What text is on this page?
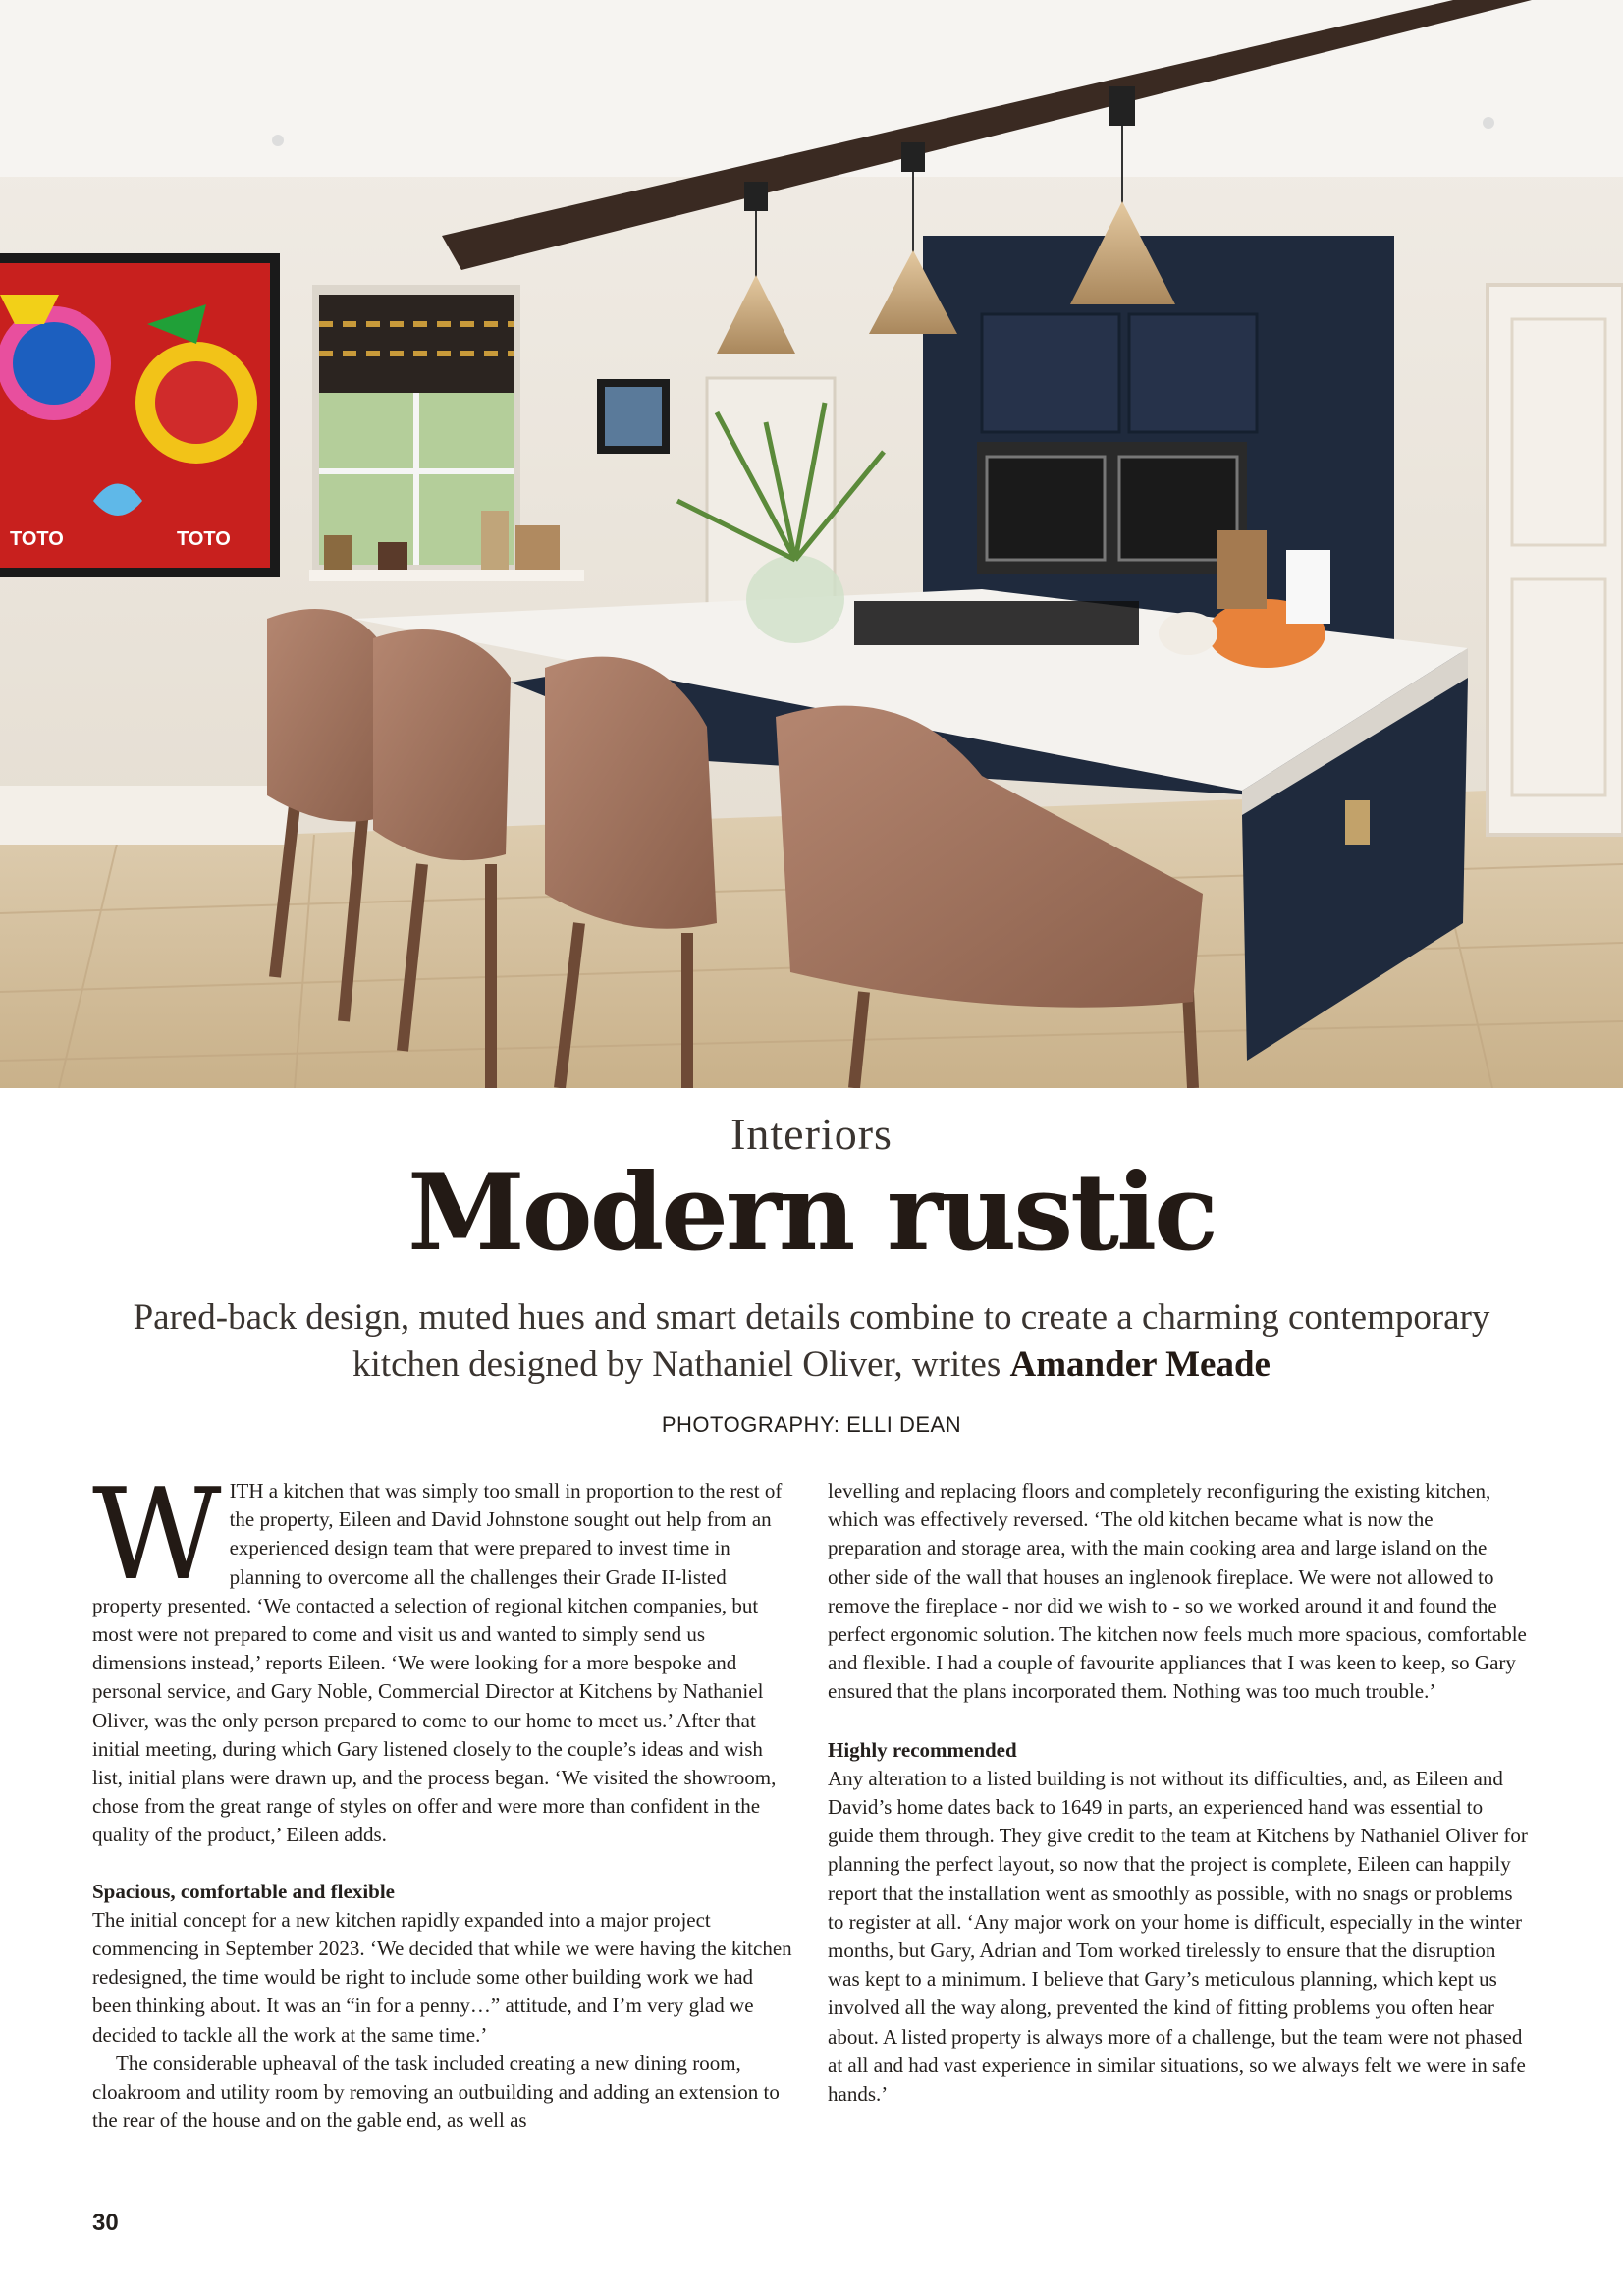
TOTO	TOTO
Interiors
Modern rustic
Pared-back design, muted hues and smart details combine to create a charming contemporary kitchen designed by Nathaniel Oliver, writes Amander Meade
PHOTOGRAPHY: ELLI DEAN

WITH a kitchen that was simply too small in proportion to the rest of the property, Eileen and David Johnstone sought out help from an experienced design team that were prepared to invest time in planning to overcome all the challenges their Grade II-listed property presented. ‘We contacted a selection of regional kitchen companies, but most were not prepared to come and visit us and wanted to simply send us dimensions instead,’ reports Eileen. ‘We were looking for a more bespoke and personal service, and Gary Noble, Commercial Director at Kitchens by Nathaniel Oliver, was the only person prepared to come to our home to meet us.’ After that initial meeting, during which Gary listened closely to the couple’s ideas and wish list, initial plans were drawn up, and the process began. ‘We visited the showroom, chose from the great range of styles on offer and were more than confident in the quality of the product,’ Eileen adds.

Spacious, comfortable and flexible

The initial concept for a new kitchen rapidly expanded into a major project commencing in September 2023. ‘We decided that while we were having the kitchen redesigned, the time would be right to include some other building work we had been thinking about. It was an “in for a penny…” attitude, and I’m very glad we decided to tackle all the work at the same time.’

The considerable upheaval of the task included creating a new dining room, cloakroom and utility room by removing an outbuilding and adding an extension to the rear of the house and on the gable end, as well as

levelling and replacing floors and completely reconfiguring the existing kitchen, which was effectively reversed. ‘The old kitchen became what is now the preparation and storage area, with the main cooking area and large island on the other side of the wall that houses an inglenook fireplace. We were not allowed to remove the fireplace - nor did we wish to - so we worked around it and found the perfect ergonomic solution. The kitchen now feels much more spacious, comfortable and flexible. I had a couple of favourite appliances that I was keen to keep, so Gary ensured that the plans incorporated them. Nothing was too much trouble.’

Highly recommended

Any alteration to a listed building is not without its difficulties, and, as Eileen and David’s home dates back to 1649 in parts, an experienced hand was essential to guide them through. They give credit to the team at Kitchens by Nathaniel Oliver for planning the perfect layout, so now that the project is complete, Eileen can happily report that the installation went as smoothly as possible, with no snags or problems to register at all. ‘Any major work on your home is difficult, especially in the winter months, but Gary, Adrian and Tom worked tirelessly to ensure that the disruption was kept to a minimum. I believe that Gary’s meticulous planning, which kept us involved all the way along, prevented the kind of fitting problems you often hear about. A listed property is always more of a challenge, but the team were not phased at all and had vast experience in similar situations, so we always felt we were in safe hands.’

30
